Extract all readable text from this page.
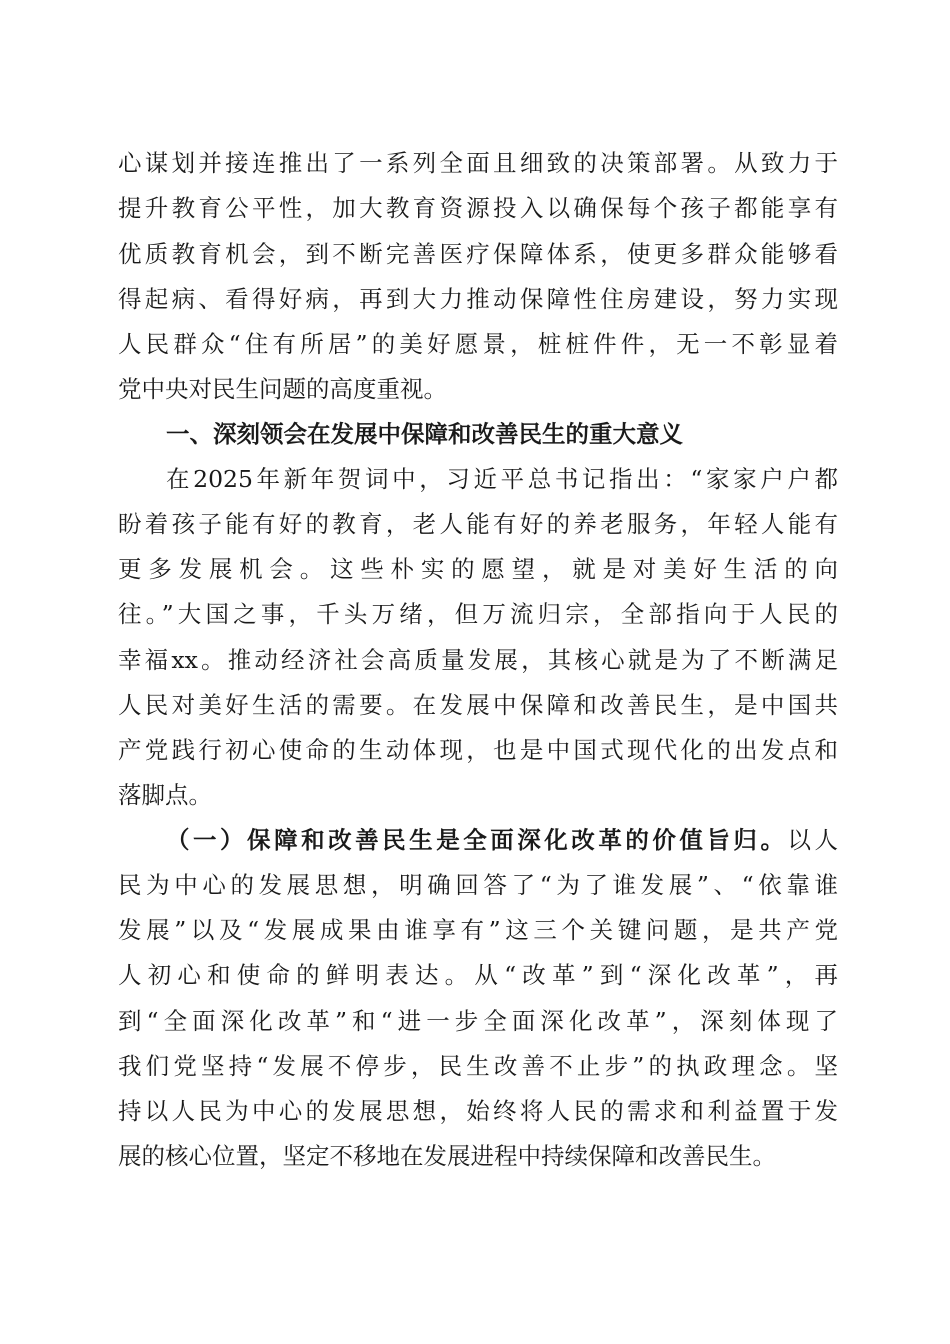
心谋划并接连推出了一系列全面且细致的决策部署。从致力于
提升教育公平性，加大教育资源投入以确保每个孩子都能享有
优质教育机会，到不断完善医疗保障体系，使更多群众能够看
得起病、看得好病，再到大力推动保障性住房建设，努力实现
人民群众“住有所居”的美好愿景，桩桩件件，无一不彰显着
党中央对民生问题的高度重视。
一、深刻领会在发展中保障和改善民生的重大意义
在2025年新年贺词中，习近平总书记指出：“家家户户都
盼着孩子能有好的教育，老人能有好的养老服务，年轻人能有
更多发展机会。这些朴实的愿望，就是对美好生活的向
往。”大国之事，千头万绪，但万流归宗，全部指向于人民的
幸福xx。推动经济社会高质量发展，其核心就是为了不断满足
人民对美好生活的需要。在发展中保障和改善民生，是中国共
产党践行初心使命的生动体现，也是中国式现代化的出发点和
落脚点。
（一）保障和改善民生是全面深化改革的价值旨归。以人
民为中心的发展思想，明确回答了“为了谁发展”、“依靠谁
发展”以及“发展成果由谁享有”这三个关键问题，是共产党
人初心和使命的鲜明表达。从“改革”到“深化改革”，再
到“全面深化改革”和“进一步全面深化改革”，深刻体现了
我们党坚持“发展不停步，民生改善不止步”的执政理念。坚
持以人民为中心的发展思想，始终将人民的需求和利益置于发
展的核心位置，坚定不移地在发展进程中持续保障和改善民生。
